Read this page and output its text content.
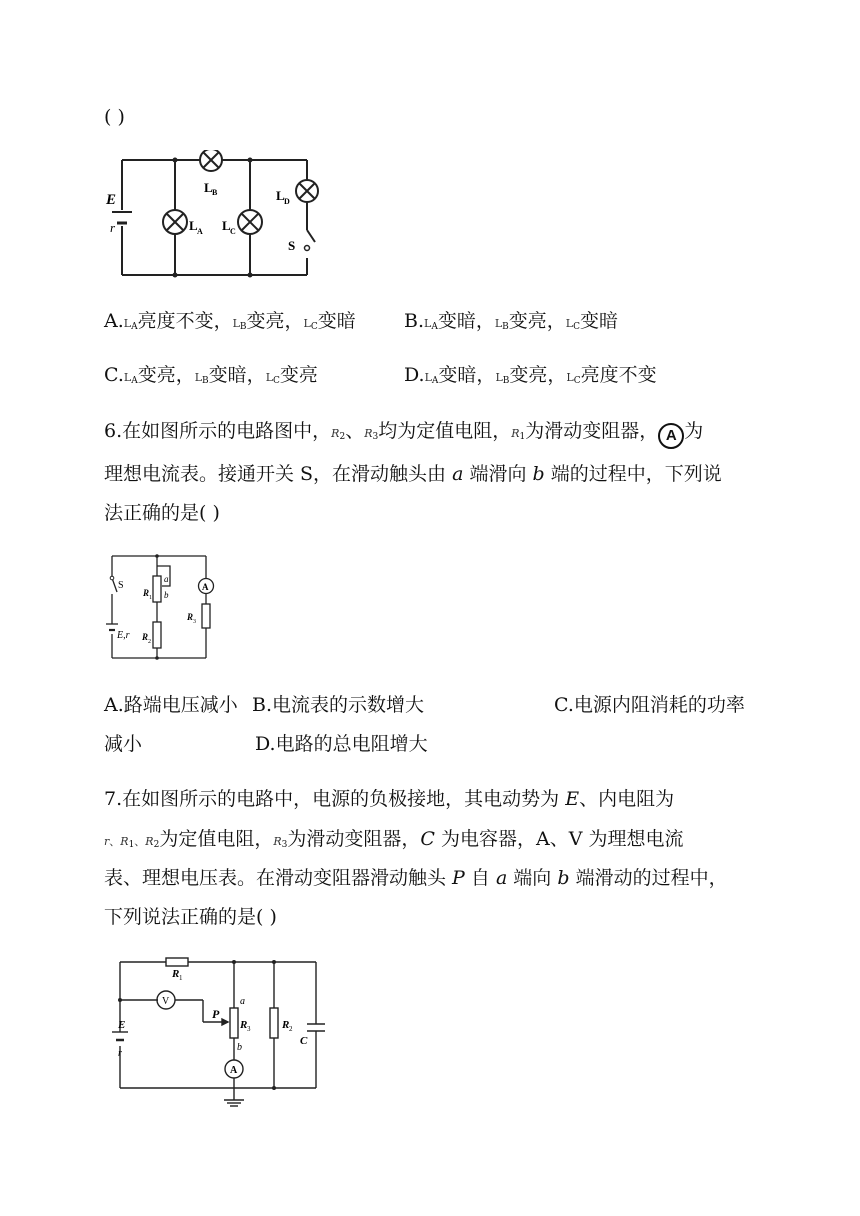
( )
E
r
L B
L A L C
L D
S
$A.L_A$亮度不变，$L_B$变亮，$L_C$变暗	$B.L_A$变暗，$L_B$变亮，$L_C$变暗
$C.L_A$变亮，$L_B$变暗，$L_C$变亮	$D.L_A$变暗，$L_B$变亮，$L_C$亮度不变
6.在如图所示的电路图中，$R_2$、$R_3$均为定值电阻，$R_1$为滑动变阻器， A 为
理想电流表。接通开关 S，在滑动触头由 a 端滑向 b 端的过程中，下列说
法正确的是( )
S
R 1
a
b
A
R 3
E,r R 2
A.路端电压减小 B.电流表的示数增大	C.电源内阻消耗的功率
减小	D.电路的总电阻增大
7.在如图所示的电路中，电源的负极接地，其电动势为 E、内电阻为
r、$R_1$、$R_2$为定值电阻，$R_3$为滑动变阻器，C 为电容器，A、V 为理想电流
表、理想电压表。在滑动变阻器滑动触头 P 自 a 端向 b 端滑动的过程中，
下列说法正确的是( )
R 1
V
P
a
R 3
b
A
R 2
C
E
r
